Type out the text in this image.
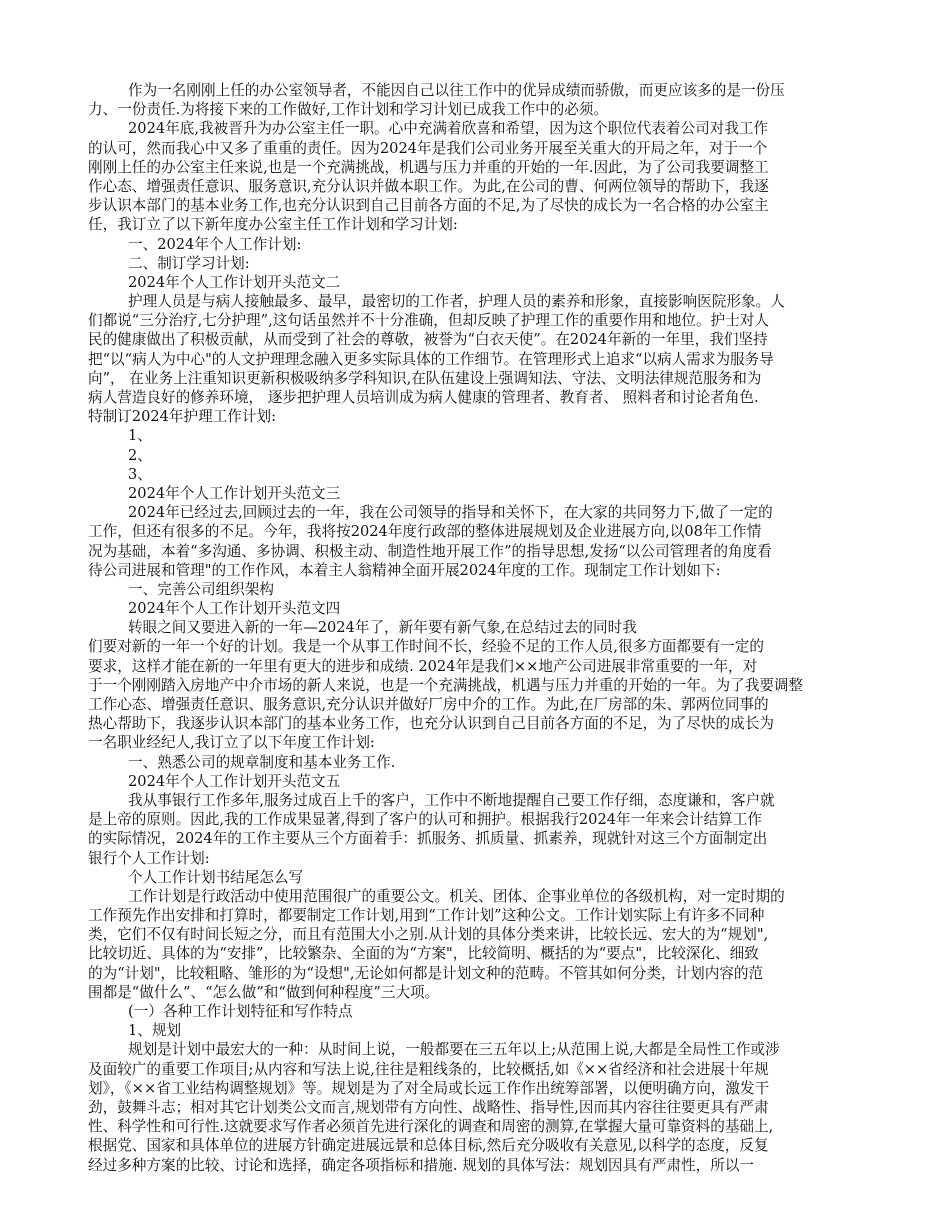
作为一名刚刚上任的办公室领导者，不能因自己以往工作中的优异成绩而骄傲，而更应该多的是一份压
力、一份责任.为将接下来的工作做好,工作计划和学习计划已成我工作中的必须。
2024年底,我被晋升为办公室主任一职。心中充满着欣喜和希望，因为这个职位代表着公司对我工作
的认可，然而我心中又多了重重的责任。因为2024年是我们公司业务开展至关重大的开局之年，对于一个
刚刚上任的办公室主任来说,也是一个充满挑战，机遇与压力并重的开始的一年.因此，为了公司我要调整工
作心态、增强责任意识、服务意识,充分认识并做本职工作。为此,在公司的曹、何两位领导的帮助下，我逐
步认识本部门的基本业务工作,也充分认识到自己目前各方面的不足,为了尽快的成长为一名合格的办公室主
任，我订立了以下新年度办公室主任工作计划和学习计划:
一、2024年个人工作计划:
二、制订学习计划:
2024年个人工作计划开头范文二
护理人员是与病人接触最多、最早，最密切的工作者，护理人员的素养和形象，直接影响医院形象。人
们都说“三分治疗,七分护理”,这句话虽然并不十分准确，但却反映了护理工作的重要作用和地位。护士对人
民的健康做出了积极贡献，从而受到了社会的尊敬，被誉为“白衣天使”。在2024年新的一年里，我们坚持
把“以“病人为中心"的人文护理理念融入更多实际具体的工作细节。在管理形式上追求“以病人需求为服务导
向”， 在业务上注重知识更新积极吸纳多学科知识,在队伍建设上强调知法、守法、文明法律规范服务和为
病人营造良好的修养环境， 逐步把护理人员培训成为病人健康的管理者、教育者、 照料者和讨论者角色.
特制订2024年护理工作计划:
1、
2、
3、
2024年个人工作计划开头范文三
2024年已经过去,回顾过去的一年，我在公司领导的指导和关怀下，在大家的共同努力下,做了一定的
工作，但还有很多的不足。今年，我将按2024年度行政部的整体进展规划及企业进展方向,以08年工作情
况为基础，本着“多沟通、多协调、积极主动、制造性地开展工作”的指导思想,发扬“以公司管理者的角度看
待公司进展和管理"的工作作风，本着主人翁精神全面开展2024年度的工作。现制定工作计划如下:
一、完善公司组织架构
2024年个人工作计划开头范文四
转眼之间又要进入新的一年—2024年了，新年要有新气象,在总结过去的同时我
们要对新的一年一个好的计划。我是一个从事工作时间不长，经验不足的工作人员,很多方面都要有一定的
要求，这样才能在新的一年里有更大的进步和成绩. 2024年是我们××地产公司进展非常重要的一年，对
于一个刚刚踏入房地产中介市场的新人来说，也是一个充满挑战，机遇与压力并重的开始的一年。为了我要调整
工作心态、增强责任意识、服务意识,充分认识并做好厂房中介的工作。为此,在厂房部的朱、郭两位同事的
热心帮助下，我逐步认识本部门的基本业务工作，也充分认识到自己目前各方面的不足，为了尽快的成长为
一名职业经纪人,我订立了以下年度工作计划:
一、熟悉公司的规章制度和基本业务工作.
2024年个人工作计划开头范文五
我从事银行工作多年,服务过成百上千的客户，工作中不断地提醒自己要工作仔细，态度谦和，客户就
是上帝的原则。因此,我的工作成果显著,得到了客户的认可和拥护。根据我行2024年一年来会计结算工作
的实际情况，2024年的工作主要从三个方面着手：抓服务、抓质量、抓素养，现就针对这三个方面制定出
银行个人工作计划:
个人工作计划书结尾怎么写
工作计划是行政活动中使用范围很广的重要公文。机关、团体、企事业单位的各级机构，对一定时期的
工作预先作出安排和打算时，都要制定工作计划,用到“工作计划”这种公文。工作计划实际上有许多不同种
类，它们不仅有时间长短之分，而且有范围大小之别.从计划的具体分类来讲，比较长远、宏大的为“规划",
比较切近、具体的为“安排”，比较繁杂、全面的为“方案"，比较简明、概括的为“要点"，比较深化、细致
的为“计划"，比较粗略、雏形的为“设想",无论如何都是计划文种的范畴。不管其如何分类，计划内容的范
围都是“做什么”、“怎么做”和“做到何种程度”三大项。
(一）各种工作计划特征和写作特点
1、规划
规划是计划中最宏大的一种：从时间上说，一般都要在三五年以上;从范围上说,大都是全局性工作或涉
及面较广的重要工作项目;从内容和写法上说,往往是粗线条的，比较概括,如《××省经济和社会进展十年规
划》，《××省工业结构调整规划》等。规划是为了对全局或长远工作作出统筹部署，以便明确方向，激发干
劲，鼓舞斗志；相对其它计划类公文而言,规划带有方向性、战略性、指导性,因而其内容往往要更具有严肃
性、科学性和可行性.这就要求写作者必须首先进行深化的调查和周密的测算,在掌握大量可靠资料的基础上,
根据党、国家和具体单位的进展方针确定进展远景和总体目标,然后充分吸收有关意见,以科学的态度，反复
经过多种方案的比较、讨论和选择，确定各项指标和措施. 规划的具体写法：规划因具有严肃性，所以一
